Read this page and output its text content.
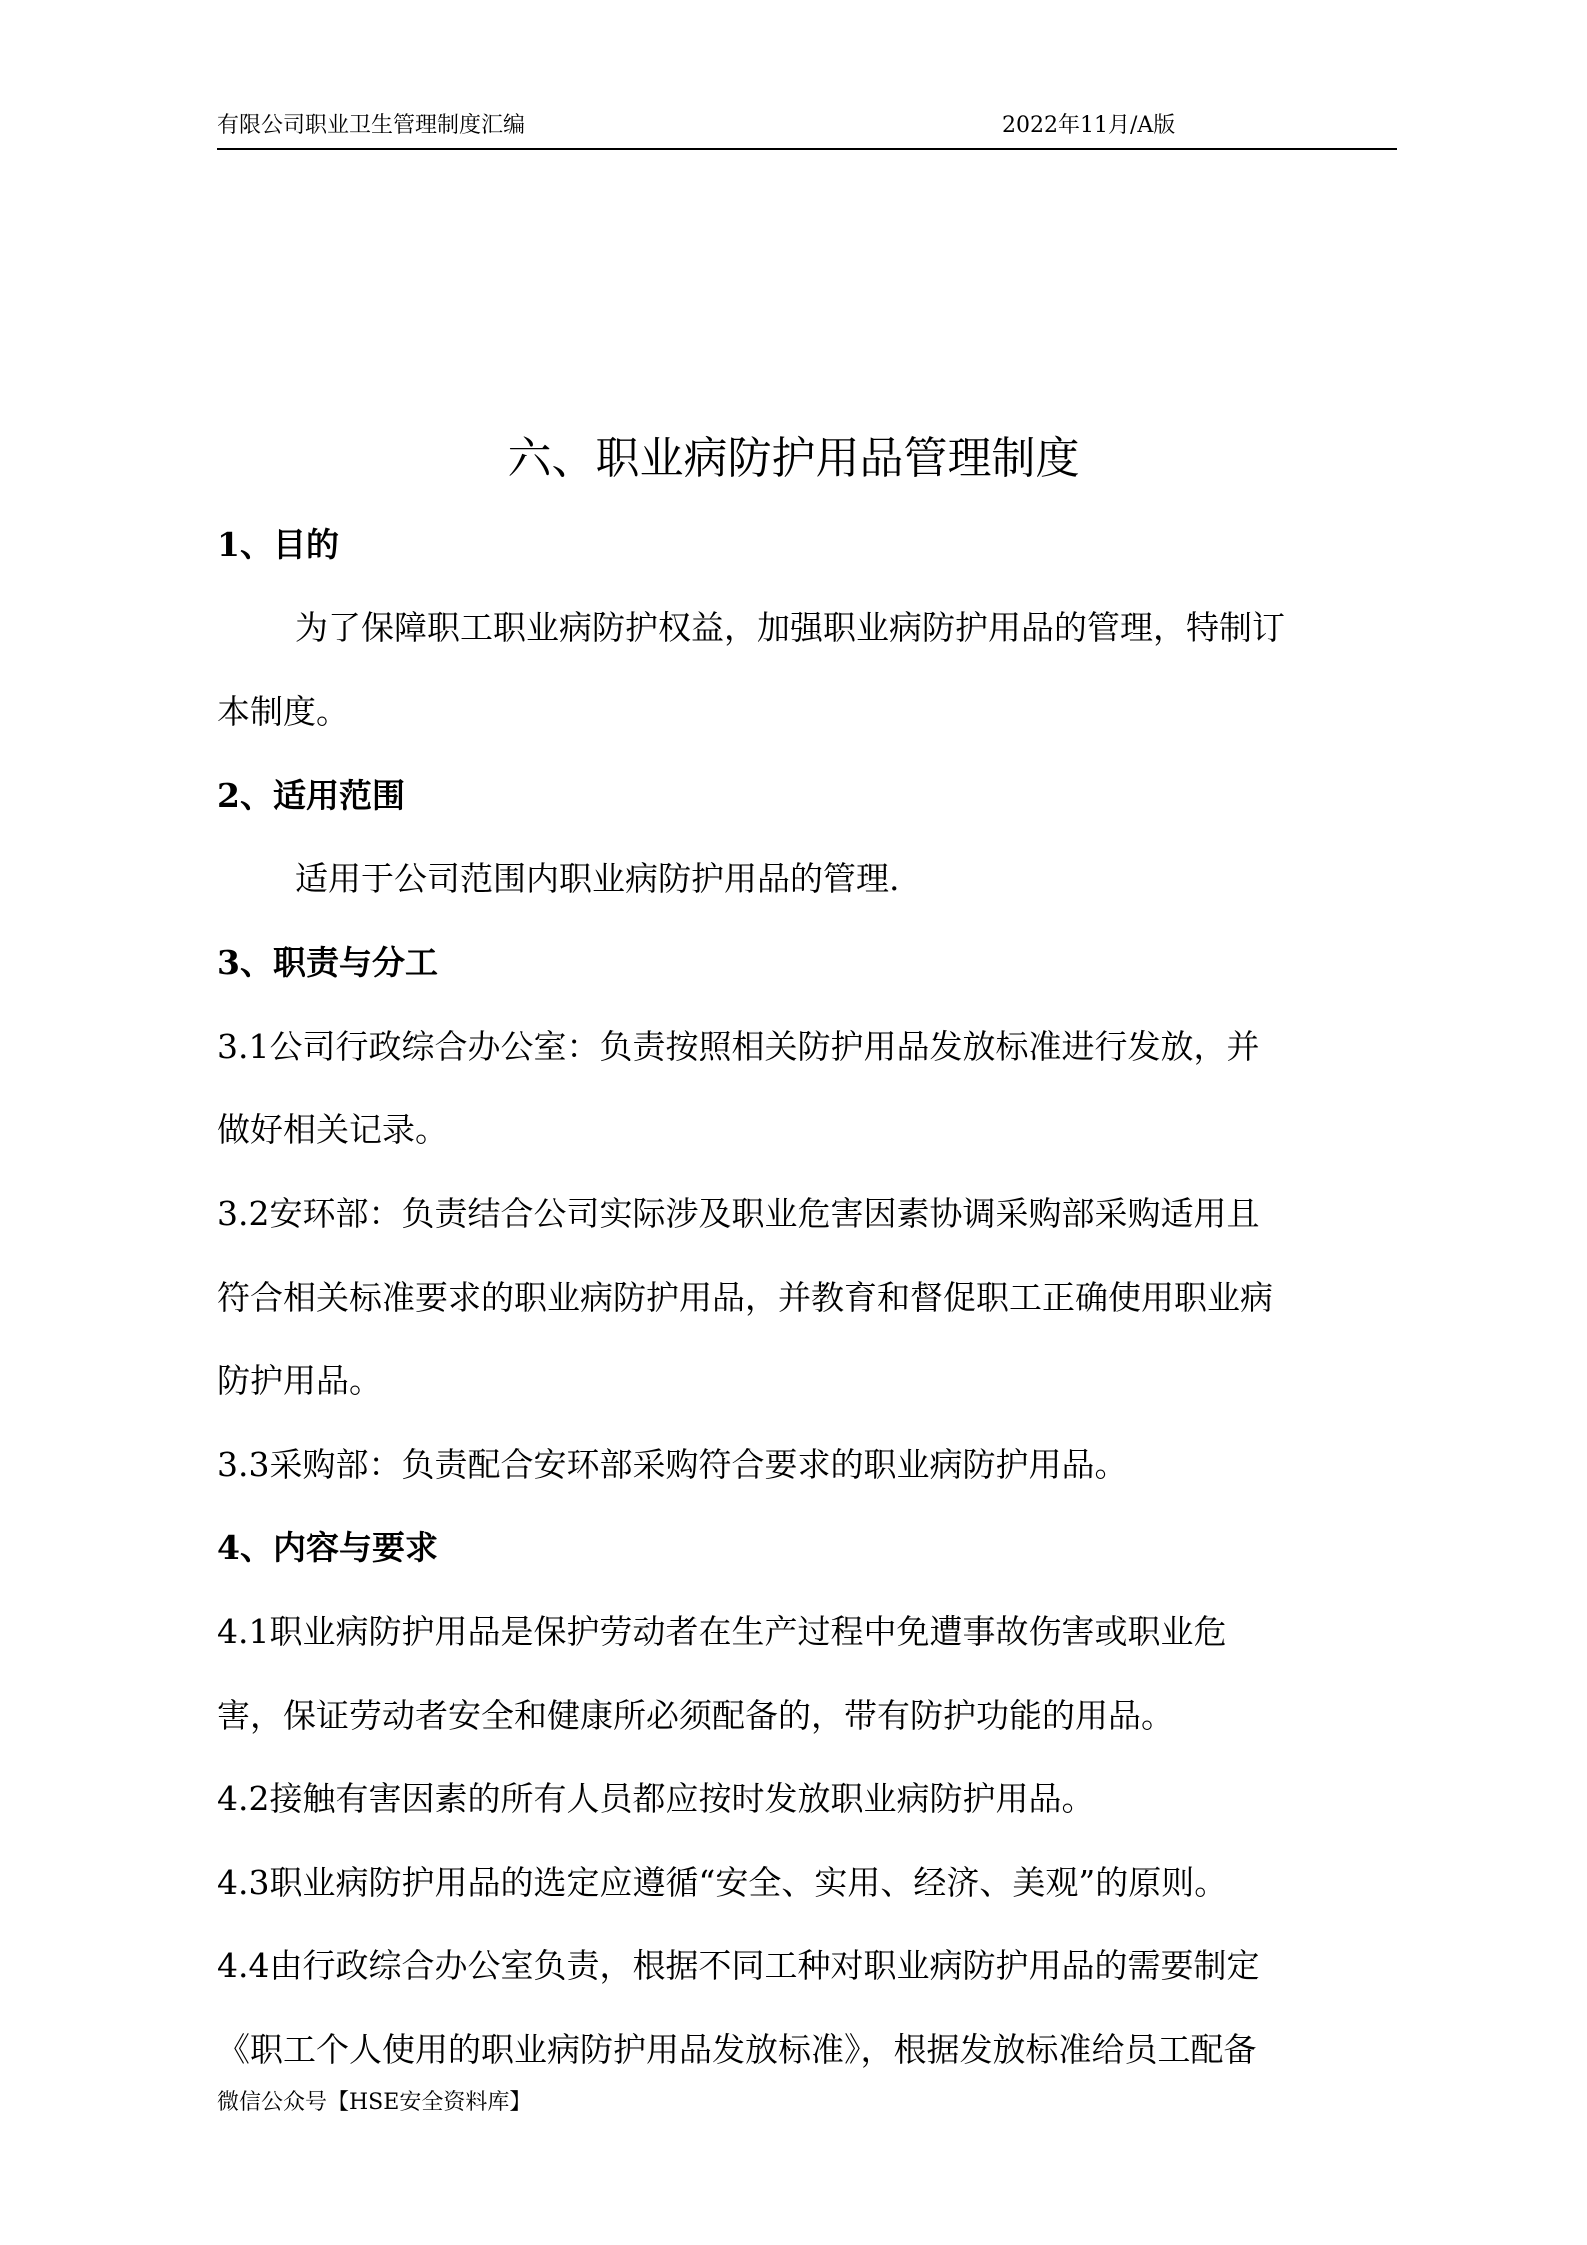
有限公司职业卫生管理制度汇编	2022年11月/A版
六、职业病防护用品管理制度
1、目的
为了保障职工职业病防护权益，加强职业病防护用品的管理，特制订
本制度。
2、适用范围
适用于公司范围内职业病防护用品的管理.
3、职责与分工
3.1公司行政综合办公室：负责按照相关防护用品发放标准进行发放，并
做好相关记录。
3.2安环部：负责结合公司实际涉及职业危害因素协调采购部采购适用且
符合相关标准要求的职业病防护用品，并教育和督促职工正确使用职业病
防护用品。
3.3采购部：负责配合安环部采购符合要求的职业病防护用品。
4、内容与要求
4.1职业病防护用品是保护劳动者在生产过程中免遭事故伤害或职业危
害，保证劳动者安全和健康所必须配备的，带有防护功能的用品。
4.2接触有害因素的所有人员都应按时发放职业病防护用品。
4.3职业病防护用品的选定应遵循“安全、实用、经济、美观”的原则。
4.4由行政综合办公室负责，根据不同工种对职业病防护用品的需要制定
《职工个人使用的职业病防护用品发放标准》，根据发放标准给员工配备
微信公众号【HSE安全资料库】
